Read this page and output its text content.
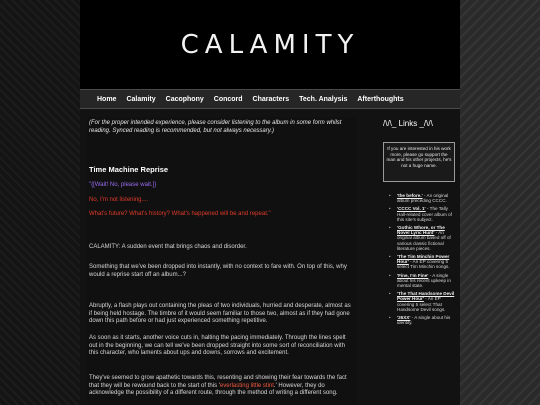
CALAMITY
Home Calamity Cacophony Concord Characters Tech. Analysis Afterthoughts

(For the proper intended experience, please consider listening to the album in some form whilst reading. Synced reading is recommended, but not always necessary.)

Time Machine Reprise
"{[Wait! No, please wait.]}
No, I'm not listening....
What's future? What's history? What's happened will be and repeat."

CALAMITY: A sudden event that brings chaos and disorder.

Something that we've been dropped into instantly, with no context to fare with. On top of this, why would a reprise start off an album...?

Abruptly, a flash plays out containing the pleas of two individuals, hurried and desperate, almost as if being held hostage. The timbre of it would seem familiar to those two, almost as if they had gone down this path before or had just experienced something repetitive.

As soon as it starts, another voice cuts in, halting the pacing immediately. Through the lines spelt out in the beginning, we can tell we've been dropped straight into some sort of reconciliation with this character, who laments about ups and downs, sorrows and excitement.

They've seemed to grow apathetic towards this, resenting and showing their fear towards the fact that they will be rewound back to the start of this 'everlasting little stint.' However, they do acknowledge the possibility of a different route, through the method of writing a different song.

/\/\_ Links _/\/\
If you are interested in his work more, please go support the man and his other projects, he's not a huge name.
• 'the before.' - An original album preceding CCCC.
• 'CCCC Vol. 1' - The Tally Hall-related cover album of this site's subject.
• 'Gothic Whore, or The Novel Lyric Hunt' - An original album based off of various classic fictional literature pieces.
• 'The Tim Minchin Power Hour' - An EP covering 5 select Tim Minchin songs.
• 'Fine, I'm Fine' - A single about his recent upkeep in mental state.
• 'The That Handsome Devil Power Hour' - An EP covering 5 select That Handsome Devil songs.
• '26XX' - A single about his identity.
